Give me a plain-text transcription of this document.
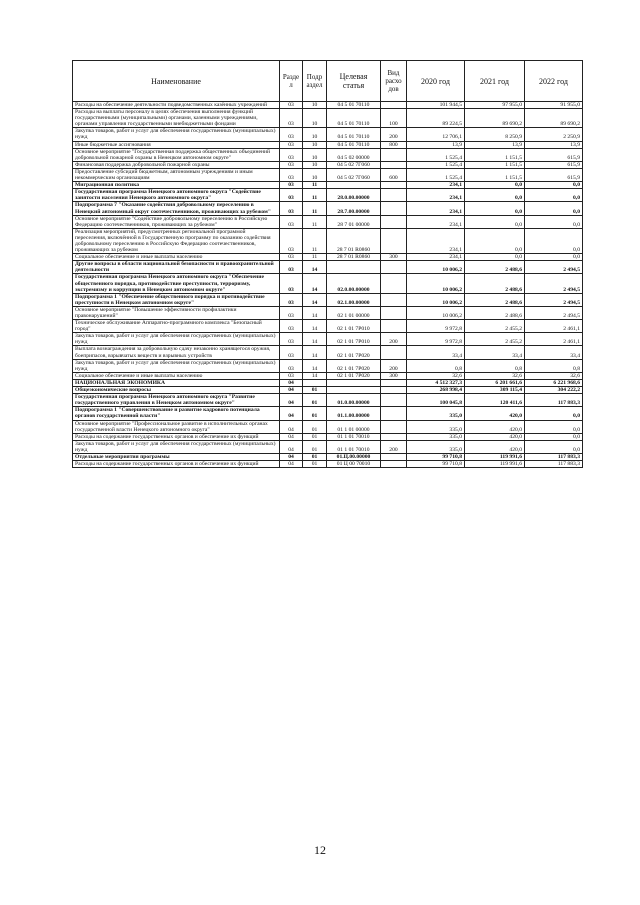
Наименование	Разде л	Подр аздел	Целевая статья	Вид расхо дов	2020 год	2021 год	2022 год
Расходы на обеспечение деятельности подведомственных казённых учреждений	03	10	04 5 01 70110		101 944,5	97 955,0	91 955,0
Расходы на выплаты персоналу в целях обеспечения выполнения функций государственными (муниципальными) органами, казенными учреждениями, органами управления государственными внебюджетными фондами	03	10	04 5 01 70110	100	89 224,5	89 690,2	89 690,2
Закупка товаров, работ и услуг для обеспечения государственных (муниципальных) нужд	03	10	04 5 01 70110	200	12 706,1	8 250,9	2 250,9
Иные бюджетные ассигнования	03	10	04 5 01 70110	800	13,9	13,9	13,9
Основное мероприятие "Государственная поддержка общественных объединений добровольной пожарной охраны в Ненецком автономном округе"	03	10	04 5 02 00000		1 525,4	1 151,5	615,9
Финансовая поддержка добровольной пожарной охраны	03	10	04 5 02 7Г060		1 525,4	1 151,5	615,9
Предоставление субсидий бюджетным, автономным учреждениям и иным некоммерческим организациям	03	10	04 5 02 7Г060	600	1 525,4	1 151,5	615,9
Миграционная политика	03	11			234,1	0,0	0,0
Государственная программа Ненецкого автономного округа "Содействие занятости населения Ненецкого автономного округа"	03	11	28.0.00.00000		234,1	0,0	0,0
Подпрограмма 7 "Оказание содействия добровольному переселению в Ненецкий автономный округ соотечественников, проживающих за рубежом"	03	11	28.7.00.00000		234,1	0,0	0,0
Основное мероприятие "Содействие добровольному переселению в Российскую Федерацию соотечественников, проживающих за рубежом"	03	11	28 7 01 00000		234,1	0,0	0,0
Реализация мероприятий, предусмотренных региональной программой переселения, включённой в Государственную программу по оказанию содействия добровольному переселению в Российскую Федерацию соотечественников, проживающих за рубежом	03	11	28 7 01 R0860		234,1	0,0	0,0
Социальное обеспечение и иные выплаты населению	03	11	28 7 01 R0860	300	234,1	0,0	0,0
Другие вопросы в области национальной безопасности и правоохранительной деятельности	03	14			10 006,2	2 488,6	2 494,5
Государственная программа Ненецкого автономного округа "Обеспечение общественного порядка, противодействие преступности, терроризму, экстремизму и коррупции в Ненецком автономном округе"	03	14	02.0.00.00000		10 006,2	2 488,6	2 494,5
Подпрограмма 1 "Обеспечение общественного порядка и противодействие преступности в Ненецком автономном округе"	03	14	02.1.00.00000		10 006,2	2 488,6	2 494,5
Основное мероприятие "Повышение эффективности профилактики правонарушений"	03	14	02 1 01 00000		10 006,2	2 488,6	2 494,5
Техническое обслуживание Аппаратно-программного комплекса "Безопасный город"	03	14	02 1 01 7Р010		9 972,8	2 455,2	2 461,1
Закупка товаров, работ и услуг для обеспечения государственных (муниципальных) нужд	03	14	02 1 01 7Р010	200	9 972,8	2 455,2	2 461,1
Выплата вознаграждения за добровольную сдачу незаконно хранящегося оружия, боеприпасов, взрывчатых веществ и взрывных устройств	03	14	02 1 01 7Р020		33,4	33,4	33,4
Закупка товаров, работ и услуг для обеспечения государственных (муниципальных) нужд	03	14	02 1 01 7Р020	200	0,8	0,8	0,8
Социальное обеспечение и иные выплаты населению	03	14	02 1 01 7Р020	300	32,6	32,6	32,6
НАЦИОНАЛЬНАЯ ЭКОНОМИКА	04				4 512 327,3	6 201 661,6	6 221 968,6
Общеэкономические вопросы	04	01			268 998,4	309 115,4	304 222,2
Государственная программа Ненецкого автономного округа "Развитие государственного управления в Ненецком автономном округе"	04	01	01.0.00.00000		100 045,8	120 411,6	117 883,3
Подпрограмма 1 "Совершенствование и развитие кадрового потенциала органов государственной власти"	04	01	01.1.00.00000		335,0	420,0	0,0
Основное мероприятие "Профессиональное развитие в исполнительных органах государственной власти Ненецкого автономного округа"	04	01	01 1 01 00000		335,0	420,0	0,0
Расходы на содержание государственных органов и обеспечение их функций	04	01	01 1 01 70010		335,0	420,0	0,0
Закупка товаров, работ и услуг для обеспечения государственных (муниципальных) нужд	04	01	01 1 01 70010	200	335,0	420,0	0,0
Отдельные мероприятия программы	04	01	01.Ц.00.00000		99 710,8	119 991,6	117 883,3
Расходы на содержание государственных органов и обеспечение их функций	04	01	01 Ц 00 70010		99 710,8	119 991,6	117 883,3
12
